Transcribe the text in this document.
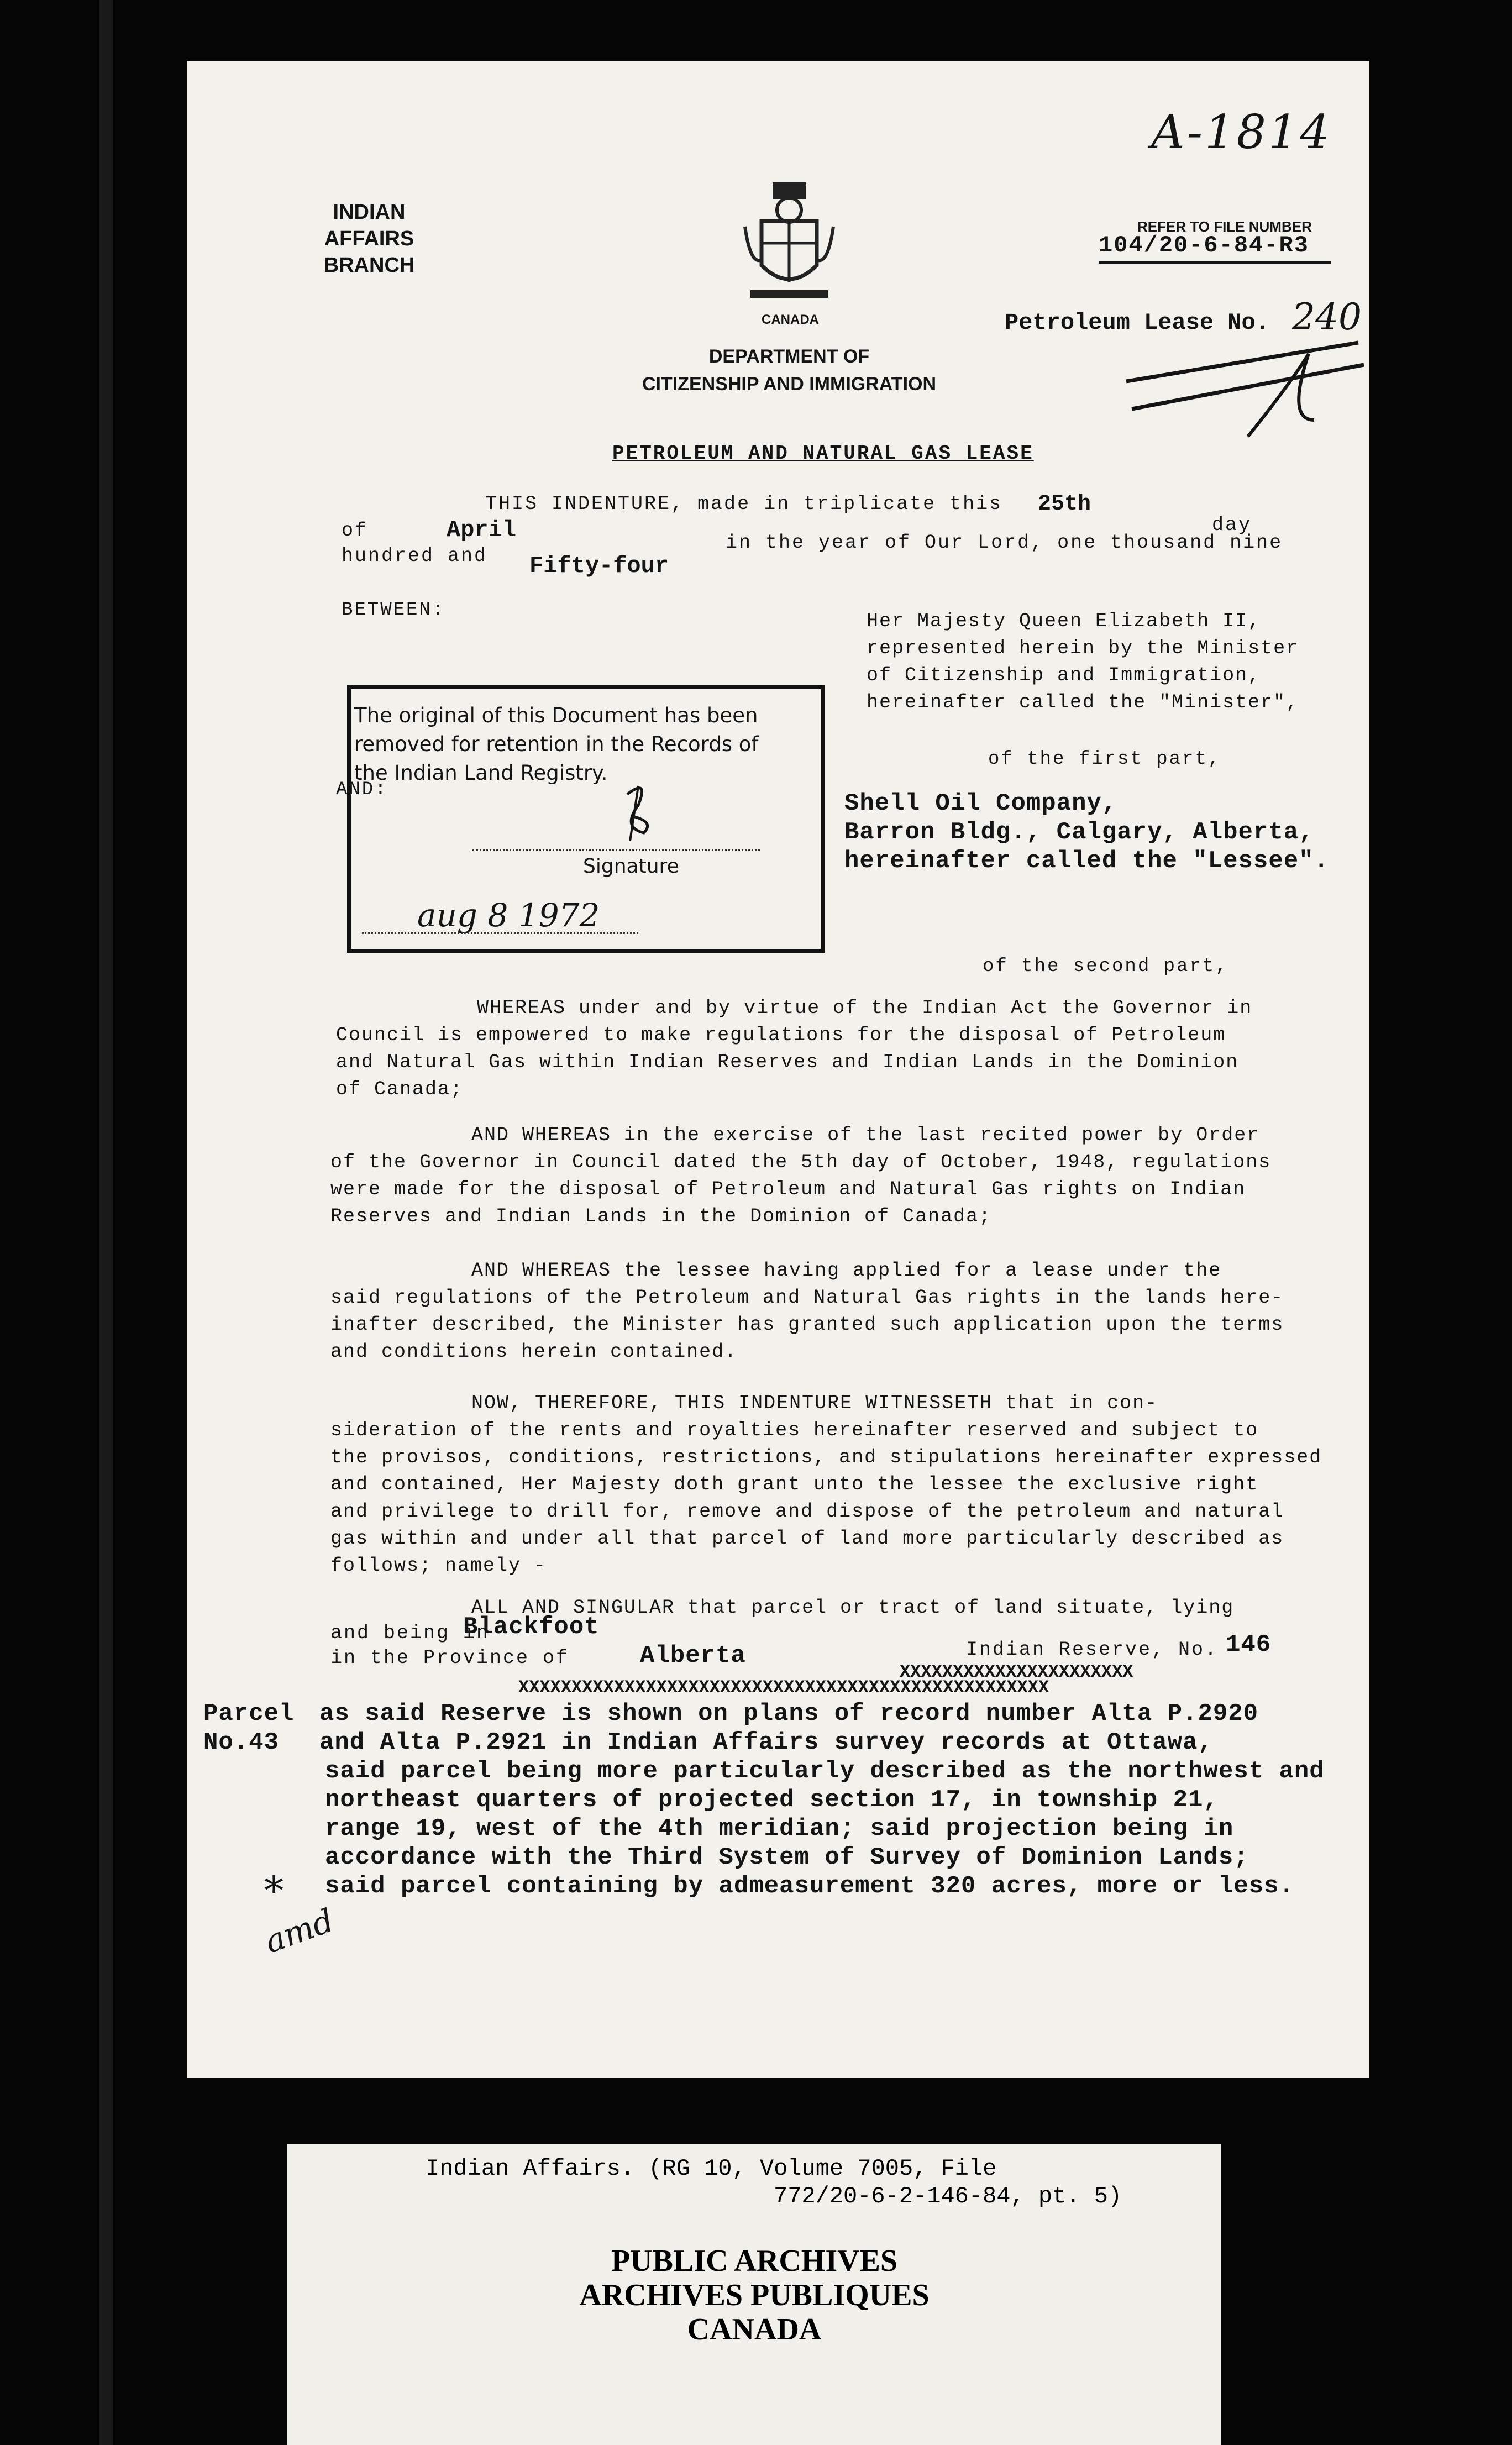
A-1814
INDIAN AFFAIRS
BRANCH
CANADA
DEPARTMENT OF
CITIZENSHIP AND IMMIGRATION
REFER TO FILE NUMBER
104/20-6-84-R3
Petroleum Lease No. 240
PETROLEUM AND NATURAL GAS LEASE
THIS INDENTURE, made in triplicate this 25th
day
of	April	in the year of Our Lord, one thousand nine
hundred and Fifty-four
BETWEEN:	Her Majesty Queen Elizabeth II,
represented herein by the Minister
of Citizenship and Immigration,
hereinafter called the "Minister",
of the first part,
The original of this Document has been
removed for retention in the Records of
the Indian Land Registry.
Signature
aug 8 1972
AND:	Shell Oil Company,
Barron Bldg., Calgary, Alberta,
hereinafter called the "Lessee".
of the second part,
WHEREAS under and by virtue of the Indian Act the Governor in
Council is empowered to make regulations for the disposal of Petroleum
and Natural Gas within Indian Reserves and Indian Lands in the Dominion
of Canada;
AND WHEREAS in the exercise of the last recited power by Order
of the Governor in Council dated the 5th day of October, 1948, regulations
were made for the disposal of Petroleum and Natural Gas rights on Indian
Reserves and Indian Lands in the Dominion of Canada;
AND WHEREAS the lessee having applied for a lease under the
said regulations of the Petroleum and Natural Gas rights in the lands here-
inafter described, the Minister has granted such application upon the terms
and conditions herein contained.
NOW, THEREFORE, THIS INDENTURE WITNESSETH that in con-
sideration of the rents and royalties hereinafter reserved and subject to
the provisos, conditions, restrictions, and stipulations hereinafter expressed
and contained, Her Majesty doth grant unto the lessee the exclusive right
and privilege to drill for, remove and dispose of the petroleum and natural
gas within and under all that parcel of land more particularly described as
follows; namely -
ALL AND SINGULAR that parcel or tract of land situate, lying
and being in
Blackfoot
in the Province of	Alberta	Indian Reserve, No. 146
XXXXXXXXXXXXXXXXXXXXXX
XXXXXXXXXXXXXXXXXXXXXXXXXXXXXXXXXXXXXXXXXXXXXXXXXX
Parcel
No.43
as said Reserve is shown on plans of record number Alta P.2920
and Alta P.2921 in Indian Affairs survey records at Ottawa,
said parcel being more particularly described as the northwest and
northeast quarters of projected section 17, in township 21,
range 19, west of the 4th meridian; said projection being in
accordance with the Third System of Survey of Dominion Lands;
said parcel containing by admeasurement 320 acres, more or less.
*
amd
Indian Affairs. (RG 10, Volume 7005, File
772/20-6-2-146-84, pt. 5)
PUBLIC ARCHIVES
ARCHIVES PUBLIQUES
CANADA
